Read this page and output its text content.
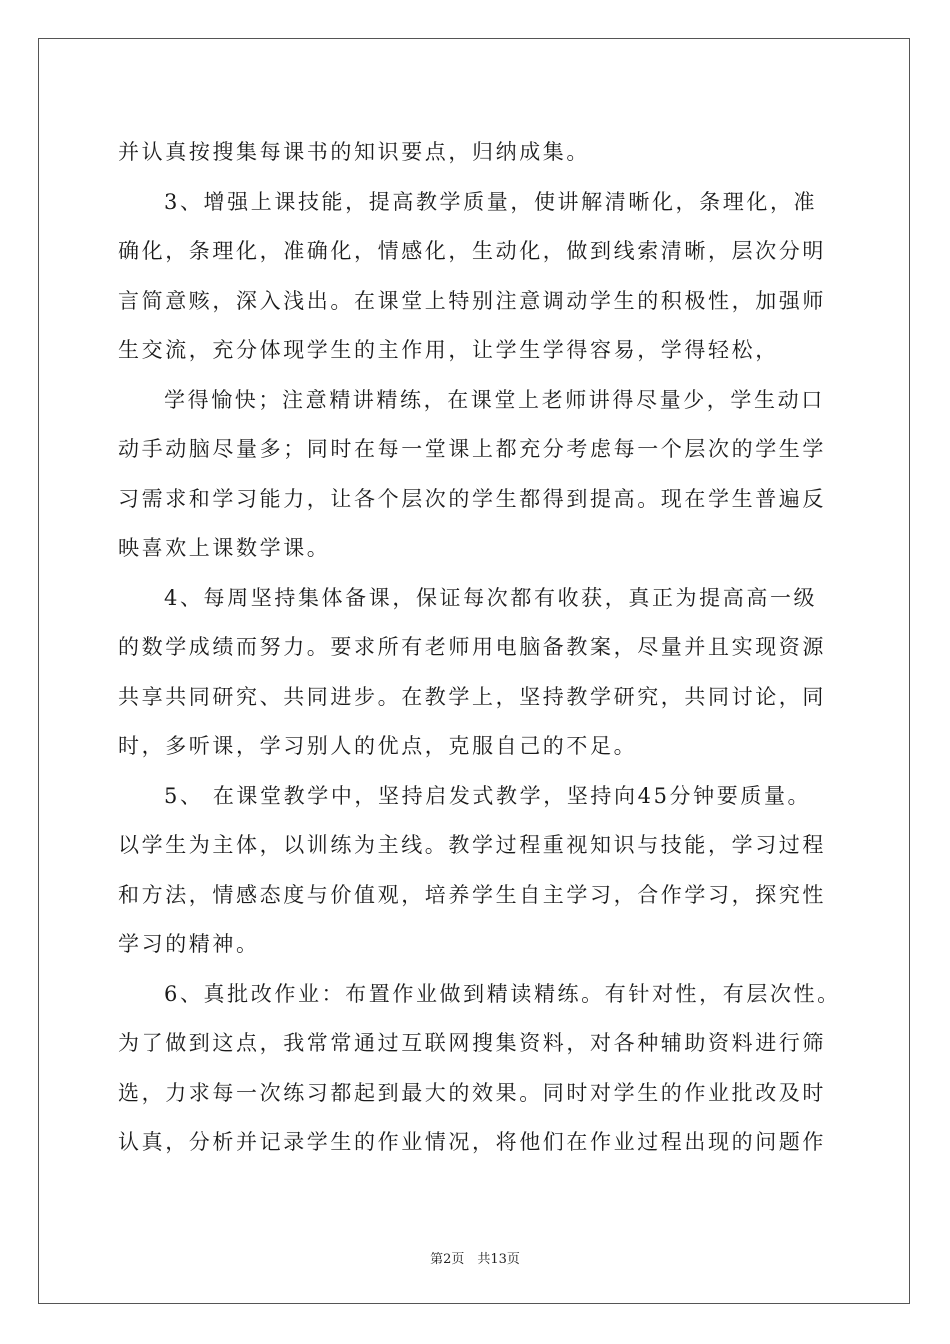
并认真按搜集每课书的知识要点，归纳成集。
3、增强上课技能，提高教学质量，使讲解清晰化，条理化，准
确化，条理化，准确化，情感化，生动化，做到线索清晰，层次分明
言简意赅，深入浅出。在课堂上特别注意调动学生的积极性，加强师
生交流，充分体现学生的主作用，让学生学得容易，学得轻松，
学得愉快；注意精讲精练，在课堂上老师讲得尽量少，学生动口
动手动脑尽量多；同时在每一堂课上都充分考虑每一个层次的学生学
习需求和学习能力，让各个层次的学生都得到提高。现在学生普遍反
映喜欢上课数学课。
4、每周坚持集体备课，保证每次都有收获，真正为提高高一级
的数学成绩而努力。要求所有老师用电脑备教案，尽量并且实现资源
共享共同研究、共同进步。在教学上，坚持教学研究，共同讨论，同
时，多听课，学习别人的优点，克服自己的不足。
5、 在课堂教学中，坚持启发式教学，坚持向45分钟要质量。
以学生为主体，以训练为主线。教学过程重视知识与技能，学习过程
和方法，情感态度与价值观，培养学生自主学习，合作学习，探究性
学习的精神。
6、真批改作业：布置作业做到精读精练。有针对性，有层次性。
为了做到这点，我常常通过互联网搜集资料，对各种辅助资料进行筛
选，力求每一次练习都起到最大的效果。同时对学生的作业批改及时
认真，分析并记录学生的作业情况，将他们在作业过程出现的问题作
第2页　共13页
